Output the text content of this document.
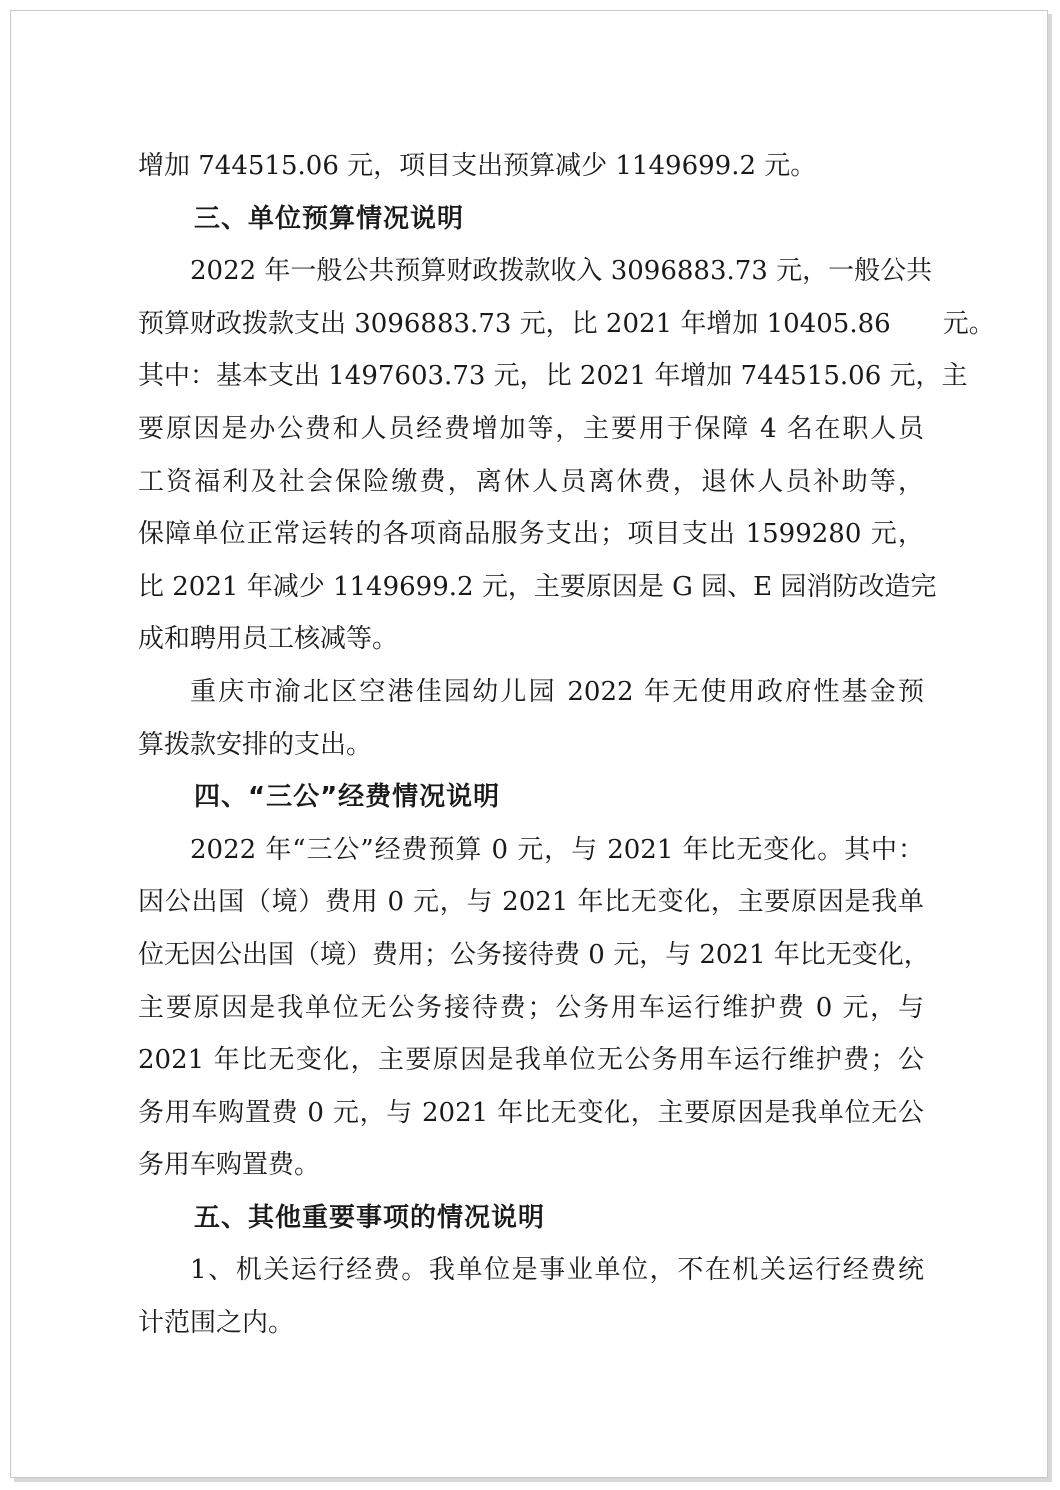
增加 744515.06 元，项目支出预算减少 1149699.2 元。
三、单位预算情况说明
2022 年一般公共预算财政拨款收入 3096883.73 元，一般公共
预算财政拨款支出 3096883.73 元，比 2021 年增加 10405.86　　元。
其中：基本支出 1497603.73 元，比 2021 年增加 744515.06 元，主
要原因是办公费和人员经费增加等，主要用于保障 4 名在职人员
工资福利及社会保险缴费，离休人员离休费，退休人员补助等，
保障单位正常运转的各项商品服务支出；项目支出 1599280 元，
比 2021 年减少 1149699.2 元，主要原因是 G 园、E 园消防改造完
成和聘用员工核减等。
重庆市渝北区空港佳园幼儿园 2022 年无使用政府性基金预
算拨款安排的支出。
四、“三公”经费情况说明
2022 年“三公”经费预算 0 元，与 2021 年比无变化。其中：
因公出国（境）费用 0 元，与 2021 年比无变化，主要原因是我单
位无因公出国（境）费用；公务接待费 0 元，与 2021 年比无变化，
主要原因是我单位无公务接待费；公务用车运行维护费 0 元，与
2021 年比无变化，主要原因是我单位无公务用车运行维护费；公
务用车购置费 0 元，与 2021 年比无变化，主要原因是我单位无公
务用车购置费。
五、其他重要事项的情况说明
1、机关运行经费。我单位是事业单位，不在机关运行经费统
计范围之内。
